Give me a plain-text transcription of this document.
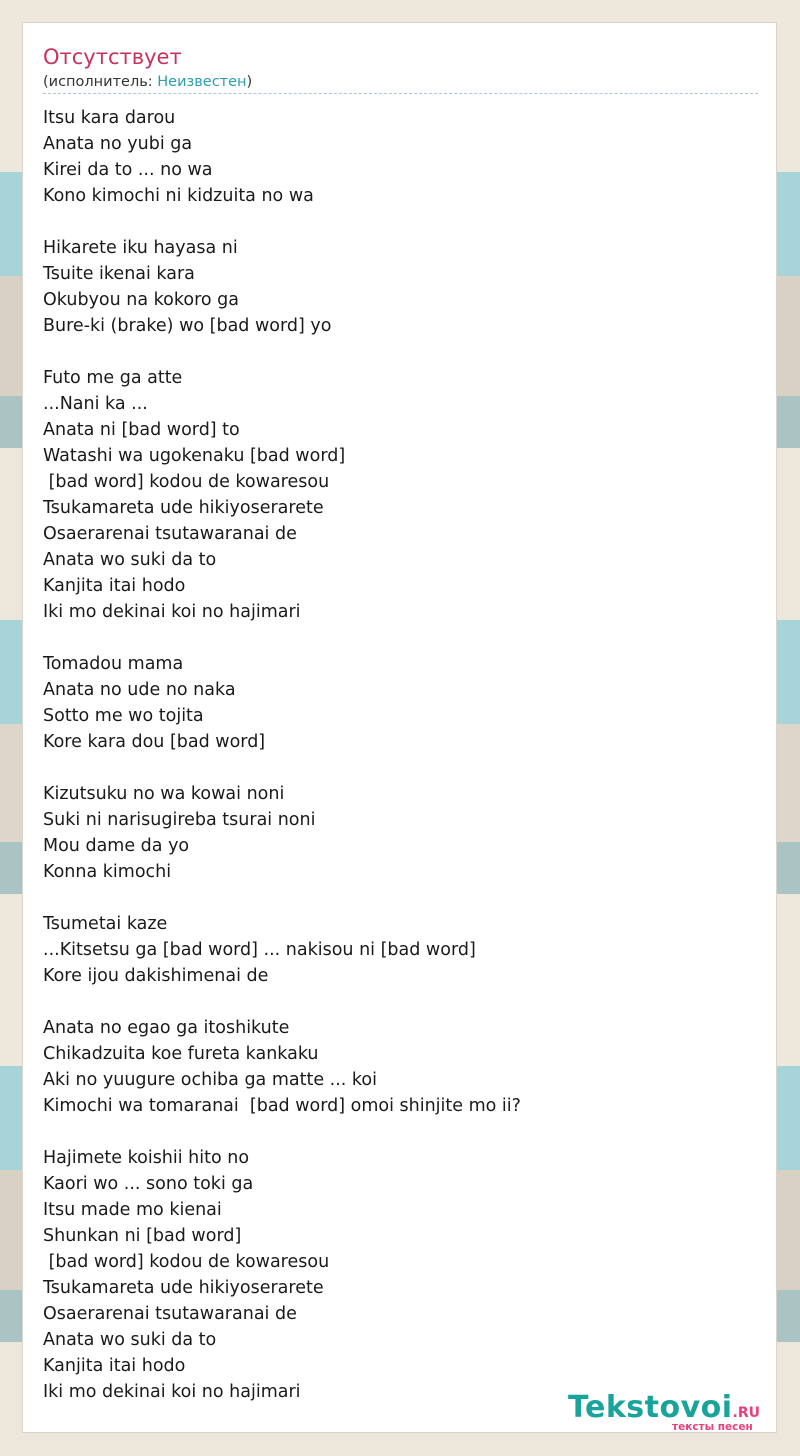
Отсутствует
(исполнитель: Неизвестен)
Itsu kara darou
Anata no yubi ga
Kirei da to ... no wa
Kono kimochi ni kidzuita no wa
Hikarete iku hayasa ni
Tsuite ikenai kara
Okubyou na kokoro ga
Bure-ki (brake) wo [bad word] yo
Futo me ga atte
...Nani ka ...
Anata ni [bad word] to
Watashi wa ugokenaku [bad word]
[bad word] kodou de kowaresou
Tsukamareta ude hikiyoserarete
Osaerarenai tsutawaranai de
Anata wo suki da to
Kanjita itai hodo
Iki mo dekinai koi no hajimari
Tomadou mama
Anata no ude no naka
Sotto me wo tojita
Kore kara dou [bad word]
Kizutsuku no wa kowai noni
Suki ni narisugireba tsurai noni
Mou dame da yo
Konna kimochi
Tsumetai kaze
...Kitsetsu ga [bad word] ... nakisou ni [bad word]
Kore ijou dakishimenai de
Anata no egao ga itoshikute
Chikadzuita koe fureta kankaku
Aki no yuugure ochiba ga matte ... koi
Kimochi wa tomaranai  [bad word] omoi shinjite mo ii?
Hajimete koishii hito no
Kaori wo ... sono toki ga
Itsu made mo kienai
Shunkan ni [bad word]
[bad word] kodou de kowaresou
Tsukamareta ude hikiyoserarete
Osaerarenai tsutawaranai de
Anata wo suki da to
Kanjita itai hodo
Iki mo dekinai koi no hajimari	Tekstovoi.RU
тексты песен
